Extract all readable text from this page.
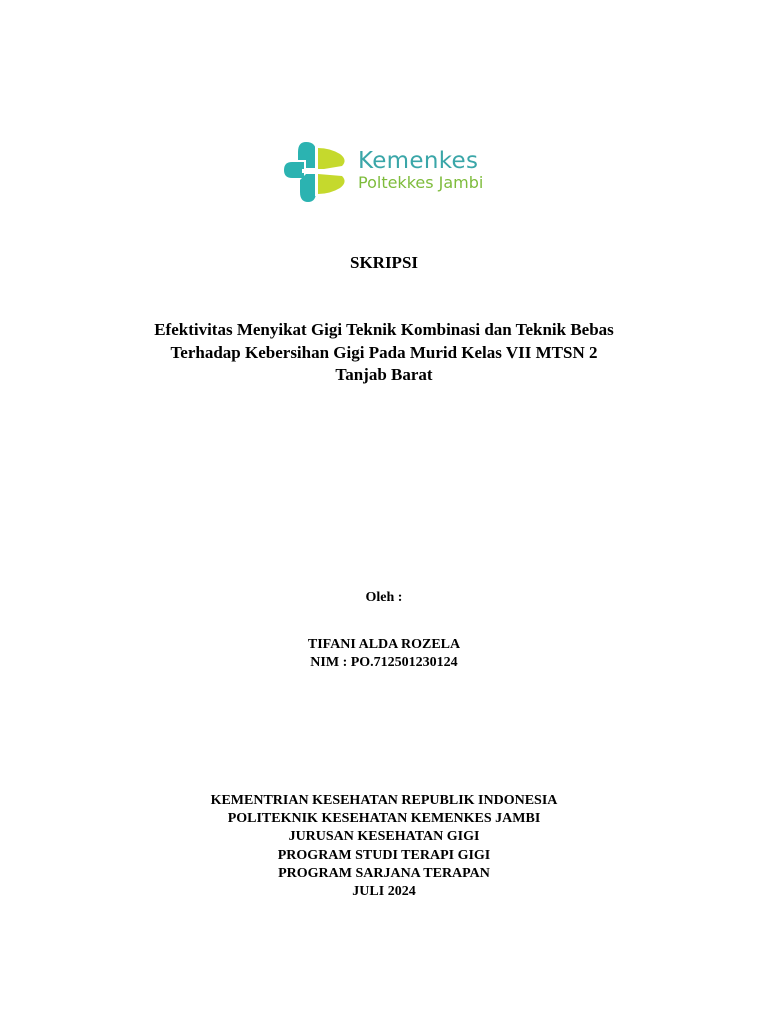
Kemenkes
Poltekkes Jambi
SKRIPSI
Efektivitas Menyikat Gigi Teknik Kombinasi dan Teknik Bebas
Terhadap Kebersihan Gigi Pada Murid Kelas VII MTSN 2
Tanjab Barat
Oleh :
TIFANI ALDA ROZELA
NIM : PO.712501230124
KEMENTRIAN KESEHATAN REPUBLIK INDONESIA
POLITEKNIK KESEHATAN KEMENKES JAMBI
JURUSAN KESEHATAN GIGI
PROGRAM STUDI TERAPI GIGI
PROGRAM SARJANA TERAPAN
JULI 2024
